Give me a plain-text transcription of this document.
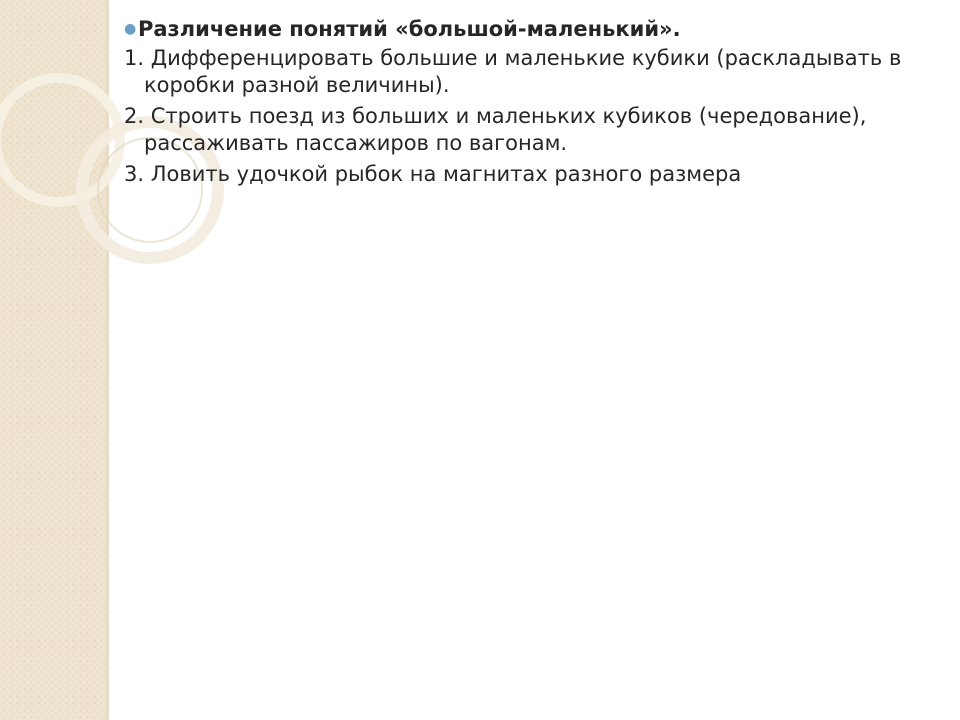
● Различение понятий «большой-маленький».

1. Дифференцировать большие и маленькие кубики (раскладывать в коробки разной величины).

2. Строить поезд из больших и маленьких кубиков (чередование), рассаживать пассажиров по вагонам.

3. Ловить удочкой рыбок на магнитах разного размера
